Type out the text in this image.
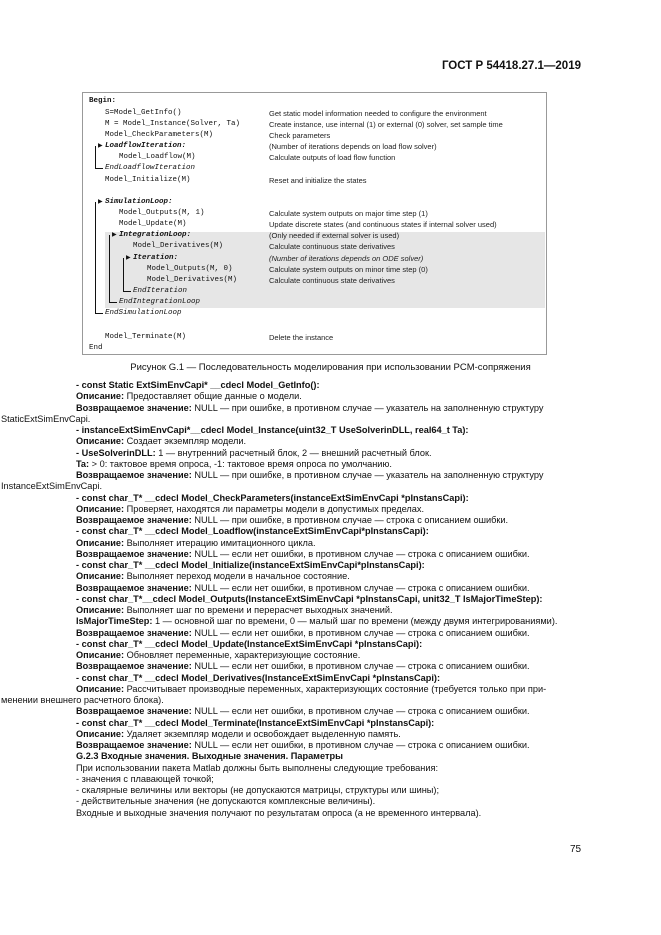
ГОСТ Р 54418.27.1—2019
Begin:
S=Model_GetInfo()
M = Model_Instance(Solver, Ta)
Model_CheckParameters(M)
LoadflowIteration:
Model_Loadflow(M)
EndLoadflowIteration
Model_Initialize(M)
SimulationLoop:
Model_Outputs(M, 1)
Model_Update(M)
IntegrationLoop:
Model_Derivatives(M)
Iteration:
Model_Outputs(M, 0)
Model_Derivatives(M)
EndIteration
EndIntegrationLoop
EndSimulationLoop
Model_Terminate(M)
End
▶
▶
▶
▶
Get static model information needed to configure the environment
Create instance, use internal (1) or external (0) solver, set sample time
Check parameters
(Number of iterations depends on load flow solver)
Calculate outputs of load flow function
Reset and initialize the states
Calculate system outputs on major time step (1)
Update discrete states (and continuous states if internal solver used)
(Only needed if external solver is used)
Calculate continuous state derivatives
(Number of iterations depends on ODE solver)
Calculate system outputs on minor time step (0)
Calculate continuous state derivatives
Delete the instance
Рисунок G.1 — Последовательность моделирования при использовании PCM-сопряжения

- const Static ExtSimEnvCapi* __cdecl Model_GetInfo():

Описание: Предоставляет общие данные о модели.

Возвращаемое значение: NULL — при ошибке, в противном случае — указатель на заполненную структуру

StaticExtSimEnvCapi.

- instanceExtSimEnvCapi*__cdecl Model_Instance(uint32_T UseSolverinDLL, real64_t Ta):

Описание: Создает экземпляр модели.

- UseSolverinDLL: 1 — внутренний расчетный блок, 2 — внешний расчетный блок.

Ta: > 0: тактовое время опроса, -1: тактовое время опроса по умолчанию.

Возвращаемое значение: NULL — при ошибке, в противном случае — указатель на заполненную структуру

InstanceExtSimEnvCapi.

- const char_T* __cdecl Model_CheckParameters(instanceExtSimEnvCapi *pInstansCapi):

Описание: Проверяет, находятся ли параметры модели в допустимых пределах.

Возвращаемое значение: NULL — при ошибке, в противном случае — строка с описанием ошибки.

- const char_T* __cdecl Model_Loadflow(instanceExtSimEnvCapi*pInstansCapi):

Описание: Выполняет итерацию имитационного цикла.

Возвращаемое значение: NULL — если нет ошибки, в противном случае — строка с описанием ошибки.

- const char_T* __cdecl Model_Initialize(instanceExtSimEnvCapi*pInstansCapi):

Описание: Выполняет переход модели в начальное состояние.

Возвращаемое значение: NULL — если нет ошибки, в противном случае — строка с описанием ошибки.

- const char_T*__cdecl Model_Outputs(InstanceExtSimEnvCapi *pInstansCapi, unit32_T IsMajorTimeStep):

Описание: Выполняет шаг по времени и перерасчет выходных значений.

IsMajorTimeStep: 1 — основной шаг по времени, 0 — малый шаг по времени (между двумя интегрированиями).

Возвращаемое значение: NULL — если нет ошибки, в противном случае — строка с описанием ошибки.

- const char_T* __cdecl Model_Update(InstanceExtSimEnvCapi *pInstansCapi):

Описание: Обновляет переменные, характеризующие состояние.

Возвращаемое значение: NULL — если нет ошибки, в противном случае — строка с описанием ошибки.

- const char_T* __cdecl Model_Derivatives(InstanceExtSimEnvCapi *pInstansCapi):

Описание: Рассчитывает производные переменных, характеризующих состояние (требуется только при при-

менении внешнего расчетного блока).

Возвращаемое значение: NULL — если нет ошибки, в противном случае — строка с описанием ошибки.

- const char_T* __cdecl Model_Terminate(InstanceExtSimEnvCapi *pInstansCapi):

Описание: Удаляет экземпляр модели и освобождает выделенную память.

Возвращаемое значение: NULL — если нет ошибки, в противном случае — строка с описанием ошибки.

G.2.3 Входные значения. Выходные значения. Параметры

При использовании пакета Matlab должны быть выполнены следующие требования:

- значения с плавающей точкой;

- скалярные величины или векторы (не допускаются матрицы, структуры или шины);

- действительные значения (не допускаются комплексные величины).

Входные и выходные значения получают по результатам опроса (а не временного интервала).

75
